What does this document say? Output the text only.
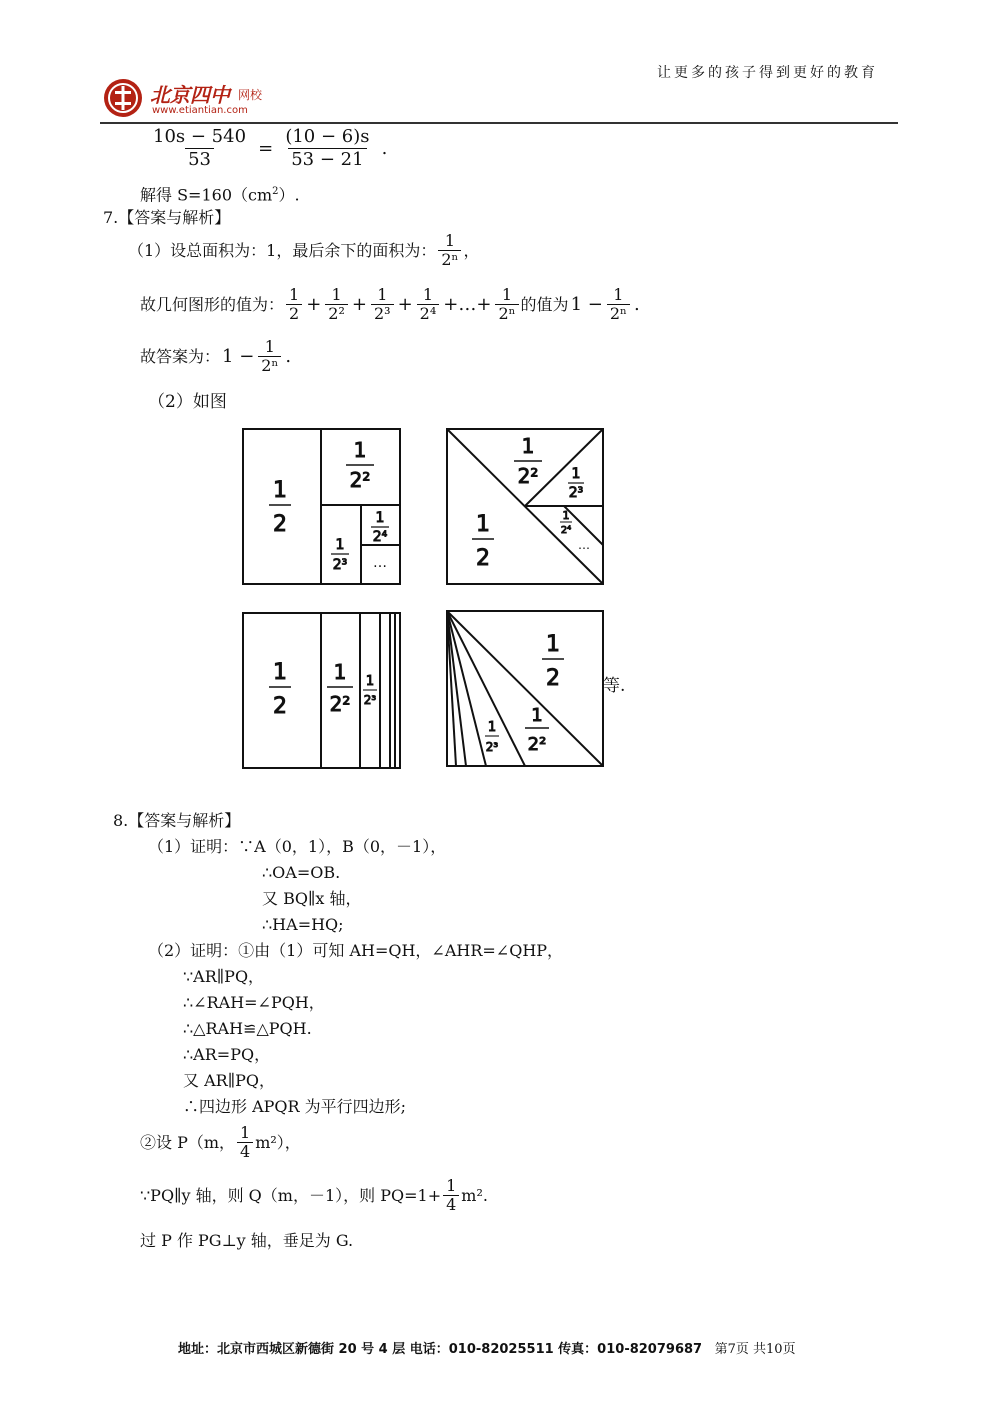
北京四中 网校
www.etiantian.com
让更多的孩子得到更好的教育
$\frac{10s - 540}{53} = \frac{(10 - 6)s}{53 - 21}$ .
解得 $S=160(cm^2)$.
7.【答案与解析】
（1）设总面积为：1，最后余下的面积为： $\frac{1}{\text{2ⁿ}}$ ，
故几何图形的值为： $\frac{1}{2} + \frac{1}{\text{2²}} + \frac{1}{\text{2³}} + \frac{1}{\text{2⁴}}$ +…+ $\frac{1}{\text{2ⁿ}}$ 的值为 $1 - \frac{1}{\text{2ⁿ}}$ .
故答案为： $1 - \frac{1}{\text{2ⁿ}}$ .
（2）如图
1
2
1
2²
1
2³
1
2⁴
…
1
2
1
2² 1
2³
1
2⁴
…
1
2
1
2²
1
2³
1
2
1
2²
1
2³
等.
8.【答案与解析】
（1）证明：∵A（0，1），B（0，－1），
∴OA=OB.
又 BQ∥x 轴，
∴HA=HQ;
（2）证明：①由（1）可知 AH=QH，∠AHR=∠QHP，
∵AR∥PQ，
∴∠RAH=∠PQH，
∴△RAH≌△PQH.
∴AR=PQ，
又 AR∥PQ，
∴四边形 APQR 为平行四边形;
②设 P（m， $\frac{1}{4} m^2$），
∵PQ∥y 轴，则 Q（m，－1），则 $PQ=1+ \frac{1}{4} m^2$.
过 P 作 PG⊥y 轴，垂足为 G.
地址：北京市西城区新德街 20 号 4 层 电话：010-82025511 传真：010-82079687 第7页 共10页
